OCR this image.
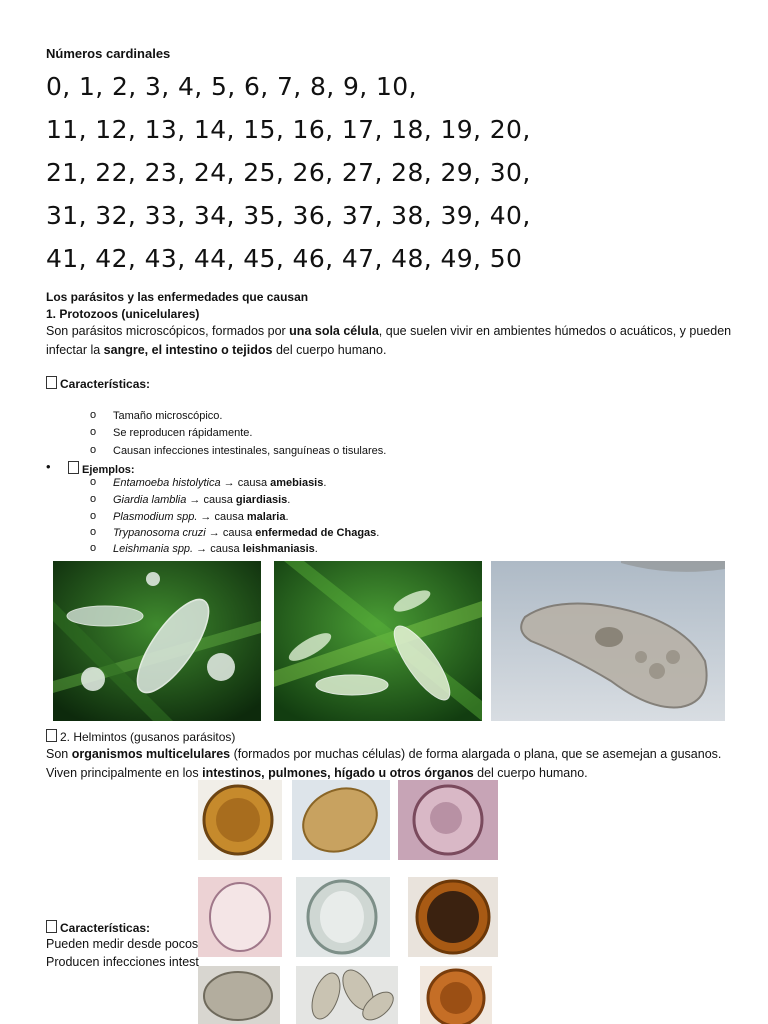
Números cardinales
0, 1, 2, 3, 4, 5, 6, 7, 8, 9, 10,
11, 12, 13, 14, 15, 16, 17, 18, 19, 20,
21, 22, 23, 24, 25, 26, 27, 28, 29, 30,
31, 32, 33, 34, 35, 36, 37, 38, 39, 40,
41, 42, 43, 44, 45, 46, 47, 48, 49, 50
Los parásitos y las enfermedades que causan
1. Protozoos (unicelulares)
Son parásitos microscópicos, formados por una sola célula, que suelen vivir en ambientes húmedos o acuáticos, y pueden
infectar la sangre, el intestino o tejidos del cuerpo humano.
Características:
o Tamaño microscópico.
o Se reproducen rápidamente.
o Causan infecciones intestinales, sanguíneas o tisulares.
•	Ejemplos:
o Entamoeba histolytica → causa amebiasis.
o Giardia lamblia → causa giardiasis.
o Plasmodium spp. → causa malaria.
o Trypanosoma cruzi → causa enfermedad de Chagas.
o Leishmania spp. → causa leishmaniasis.
2. Helmintos (gusanos parásitos)
Son organismos multicelulares (formados por muchas células) de forma alargada o plana, que se asemejan a gusanos.
Viven principalmente en los intestinos, pulmones, hígado u otros órganos del cuerpo humano.
Características:
Pueden medir desde pocos
Producen infecciones intest
